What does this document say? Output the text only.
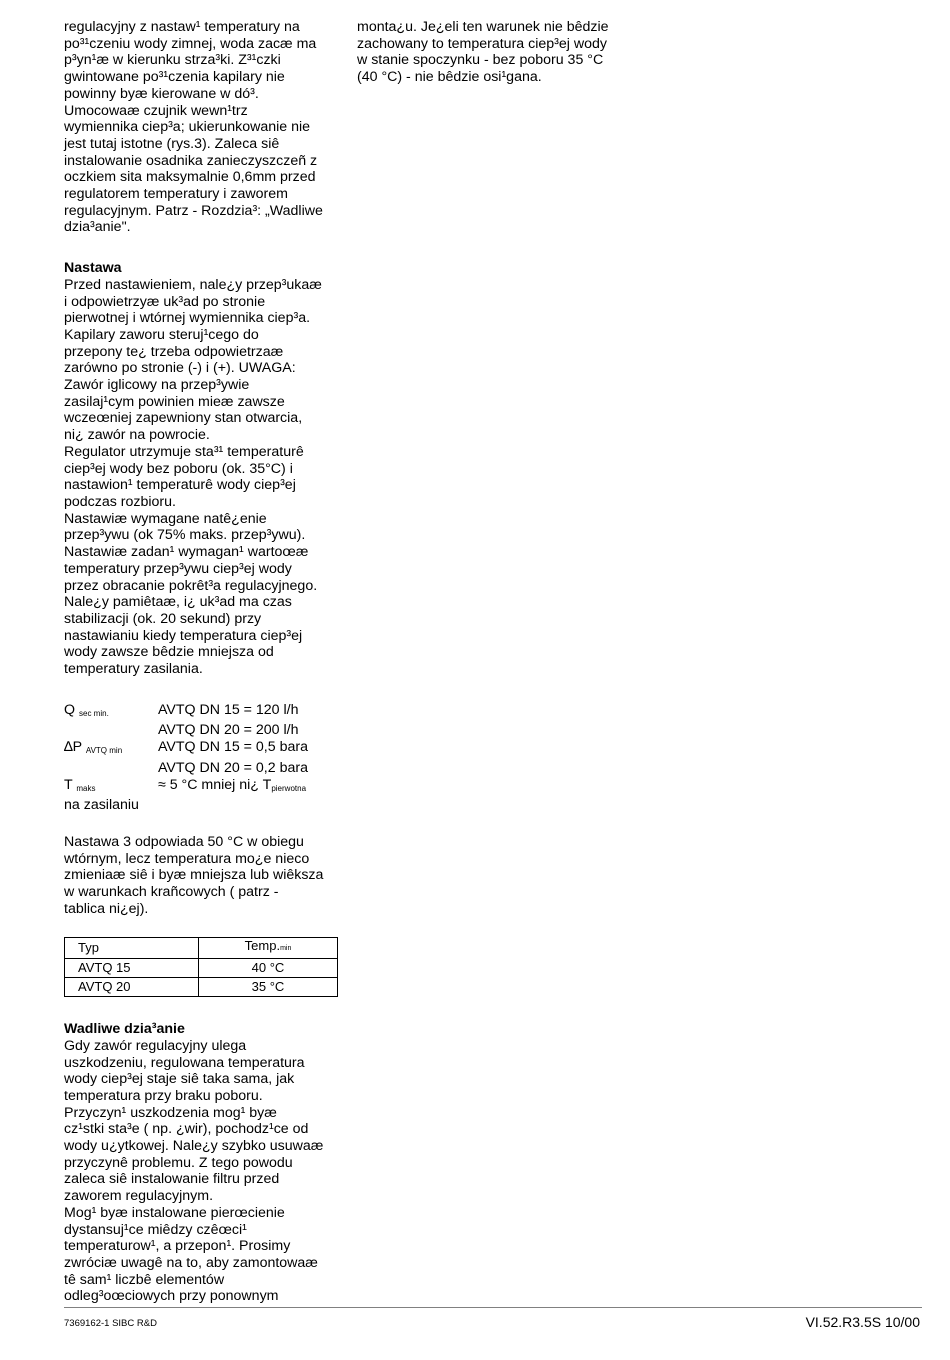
regulacyjny z nastaw¹ temperatury na
po³¹czeniu wody zimnej, woda zacæ ma
p³yn¹æ w kierunku strza³ki. Z³¹czki
gwintowane po³¹czenia kapilary nie
powinny byæ kierowane w dó³.
Umocowaæ czujnik wewn¹trz
wymiennika ciep³a; ukierunkowanie nie
jest tutaj istotne (rys.3). Zaleca siê
instalowanie osadnika zanieczyszczeñ z
oczkiem sita maksymalnie 0,6mm przed
regulatorem temperatury i zaworem
regulacyjnym. Patrz - Rozdzia³: „Wadliwe
dzia³anie".

Nastawa

Przed nastawieniem, nale¿y przep³ukaæ
i odpowietrzyæ uk³ad po stronie
pierwotnej i wtórnej wymiennika ciep³a.
Kapilary zaworu steruj¹cego do
przepony te¿ trzeba odpowietrzaæ
zarówno po stronie (-) i (+). UWAGA:
Zawór iglicowy na przep³ywie
zasilaj¹cym powinien mieæ zawsze
wczeœniej zapewniony stan otwarcia,
ni¿ zawór na powrocie.
Regulator utrzymuje sta³¹ temperaturê
ciep³ej wody bez poboru (ok. 35°C) i
nastawion¹ temperaturê wody ciep³ej
podczas rozbioru.
Nastawiæ wymagane natê¿enie
przep³ywu (ok 75% maks. przep³ywu).
Nastawiæ zadan¹ wymagan¹ wartoœæ
temperatury przep³ywu ciep³ej wody
przez obracanie pokrêt³a regulacyjnego.
Nale¿y pamiêtaæ, i¿ uk³ad ma czas
stabilizacji (ok. 20 sekund) przy
nastawianiu kiedy temperatura ciep³ej
wody zawsze bêdzie mniejsza od
temperatury zasilania.

Q sec min.	AVTQ DN 15 = 120 l/h
AVTQ DN 20 = 200 l/h
∆P AVTQ min	AVTQ DN 15 = 0,5 bara
AVTQ DN 20 = 0,2 bara
T maks	≈ 5 °C mniej ni¿ Tpierwotna
na zasilaniu

Nastawa 3 odpowiada 50 °C w obiegu
wtórnym, lecz temperatura mo¿e nieco
zmieniaæ siê i byæ mniejsza lub wiêksza
w warunkach krañcowych ( patrz -
tablica ni¿ej).

Typ	Temp.min
AVTQ 15	40 °C
AVTQ 20	35 °C

Wadliwe dzia³anie

Gdy zawór regulacyjny ulega
uszkodzeniu, regulowana temperatura
wody ciep³ej staje siê taka sama, jak
temperatura przy braku poboru.
Przyczyn¹ uszkodzenia mog¹ byæ
cz¹stki sta³e ( np. ¿wir), pochodz¹ce od
wody u¿ytkowej. Nale¿y szybko usuwaæ
przyczynê problemu. Z tego powodu
zaleca siê instalowanie filtru przed
zaworem regulacyjnym.
Mog¹ byæ instalowane pierœcienie
dystansuj¹ce miêdzy czêœci¹
temperaturow¹, a przepon¹. Prosimy
zwróciæ uwagê na to, aby zamontowaæ
tê sam¹ liczbê elementów
odleg³oœciowych przy ponownym

monta¿u. Je¿eli ten warunek nie bêdzie
zachowany to temperatura ciep³ej wody
w stanie spoczynku - bez poboru 35 °C
(40 °C) - nie bêdzie osi¹gana.

7369162-1 SIBC R&D	VI.52.R3.5S 10/00
